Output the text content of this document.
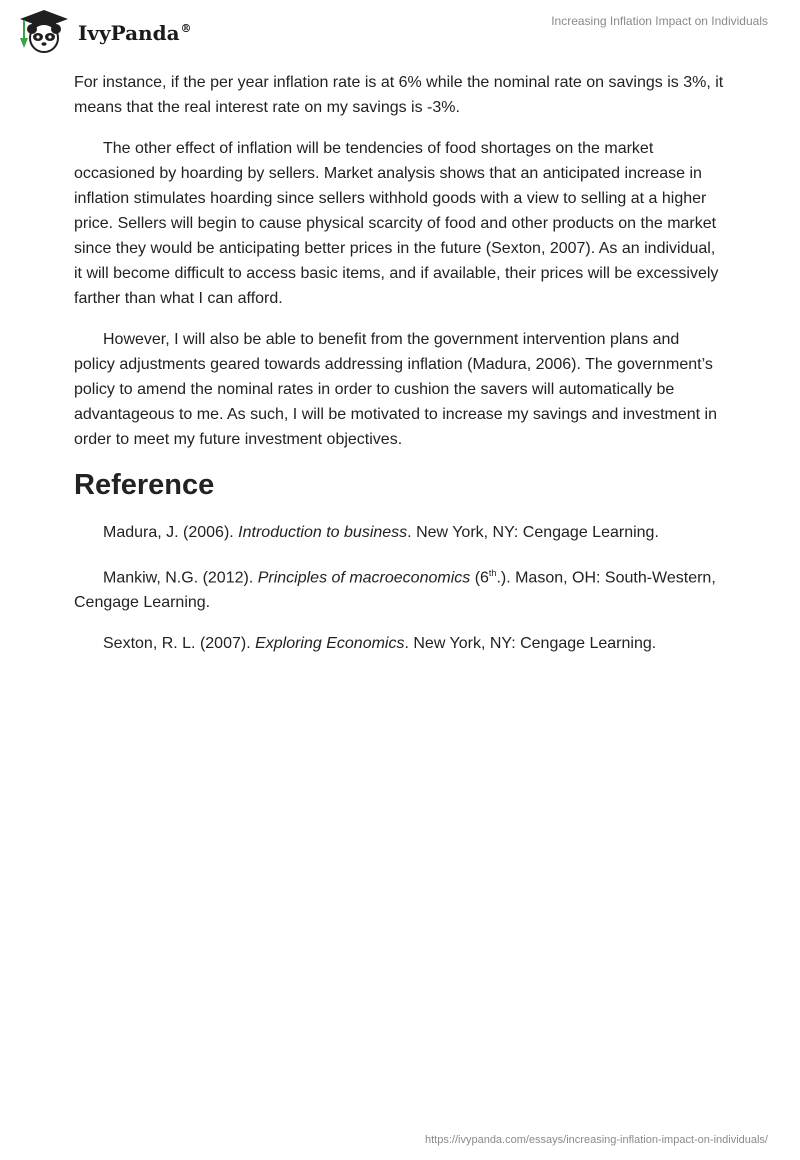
IvyPanda®
Increasing Inflation Impact on Individuals

For instance, if the per year inflation rate is at 6% while the nominal rate on savings is 3%, it means that the real interest rate on my savings is -3%.

The other effect of inflation will be tendencies of food shortages on the market occasioned by hoarding by sellers. Market analysis shows that an anticipated increase in inflation stimulates hoarding since sellers withhold goods with a view to selling at a higher price. Sellers will begin to cause physical scarcity of food and other products on the market since they would be anticipating better prices in the future (Sexton, 2007). As an individual, it will become difficult to access basic items, and if available, their prices will be excessively farther than what I can afford.

However, I will also be able to benefit from the government intervention plans and policy adjustments geared towards addressing inflation (Madura, 2006). The government’s policy to amend the nominal rates in order to cushion the savers will automatically be advantageous to me. As such, I will be motivated to increase my savings and investment in order to meet my future investment objectives.

Reference

Madura, J. (2006). Introduction to business. New York, NY: Cengage Learning.

Mankiw, N.G. (2012). Principles of macroeconomics (6th.). Mason, OH: South-Western, Cengage Learning.

Sexton, R. L. (2007). Exploring Economics. New York, NY: Cengage Learning.

https://ivypanda.com/essays/increasing-inflation-impact-on-individuals/
